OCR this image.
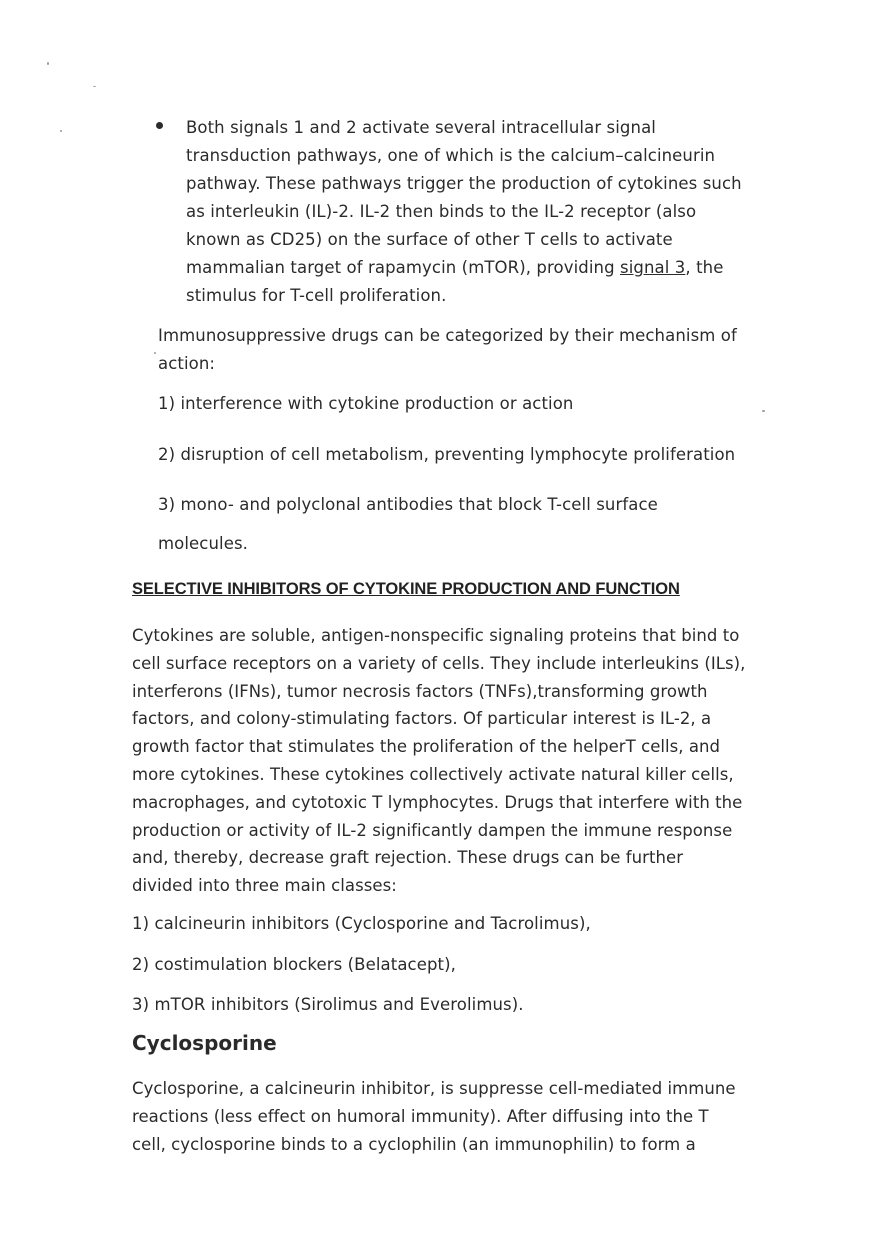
Both signals 1 and 2 activate several intracellular signal
transduction pathways, one of which is the calcium–calcineurin
pathway. These pathways trigger the production of cytokines such
as interleukin (IL)-2. IL-2 then binds to the IL-2 receptor (also
known as CD25) on the surface of other T cells to activate
mammalian target of rapamycin (mTOR), providing signal 3, the
stimulus for T-cell proliferation.
Immunosuppressive drugs can be categorized by their mechanism of
action:
1) interference with cytokine production or action
2) disruption of cell metabolism, preventing lymphocyte proliferation
3) mono- and polyclonal antibodies that block T-cell surface
molecules.
SELECTIVE INHIBITORS OF CYTOKINE PRODUCTION AND FUNCTION
Cytokines are soluble, antigen-nonspecific signaling proteins that bind to
cell surface receptors on a variety of cells. They include interleukins (ILs),
interferons (IFNs), tumor necrosis factors (TNFs),transforming growth
factors, and colony-stimulating factors. Of particular interest is IL-2, a
growth factor that stimulates the proliferation of the helperT cells, and
more cytokines. These cytokines collectively activate natural killer cells,
macrophages, and cytotoxic T lymphocytes. Drugs that interfere with the
production or activity of IL-2 significantly dampen the immune response
and, thereby, decrease graft rejection. These drugs can be further
divided into three main classes:
1) calcineurin inhibitors (Cyclosporine and Tacrolimus),
2) costimulation blockers (Belatacept),
3) mTOR inhibitors (Sirolimus and Everolimus).
Cyclosporine
Cyclosporine, a calcineurin inhibitor, is suppresse cell-mediated immune
reactions (less effect on humoral immunity). After diffusing into the T
cell, cyclosporine binds to a cyclophilin (an immunophilin) to form a
